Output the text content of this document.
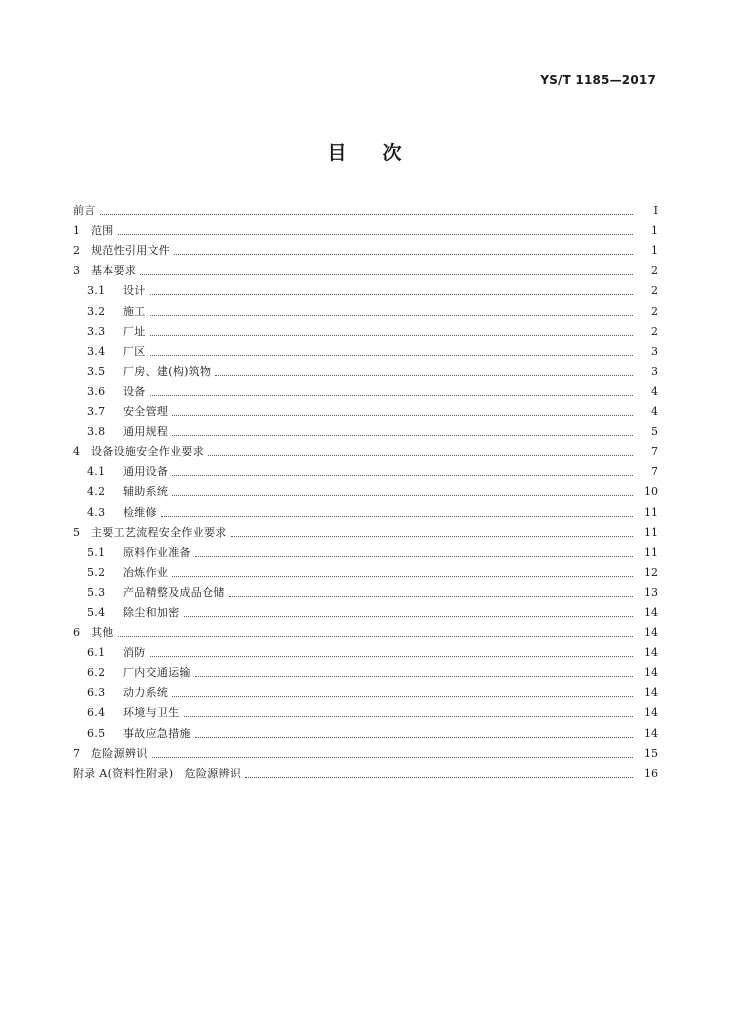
YS/T 1185—2017
目 次
前言	Ⅰ
1 范围	1
2 规范性引用文件	1
3 基本要求	2
3.1 设计	2
3.2 施工	2
3.3 厂址	2
3.4 厂区	3
3.5 厂房、建(构)筑物	3
3.6 设备	4
3.7 安全管理	4
3.8 通用规程	5
4 设备设施安全作业要求	7
4.1 通用设备	7
4.2 辅助系统	10
4.3 检维修	11
5 主要工艺流程安全作业要求	11
5.1 原料作业准备	11
5.2 冶炼作业	12
5.3 产品精整及成品仓储	13
5.4 除尘和加密	14
6 其他	14
6.1 消防	14
6.2 厂内交通运输	14
6.3 动力系统	14
6.4 环境与卫生	14
6.5 事故应急措施	14
7 危险源辨识	15
附录 A(资料性附录)　危险源辨识	16
